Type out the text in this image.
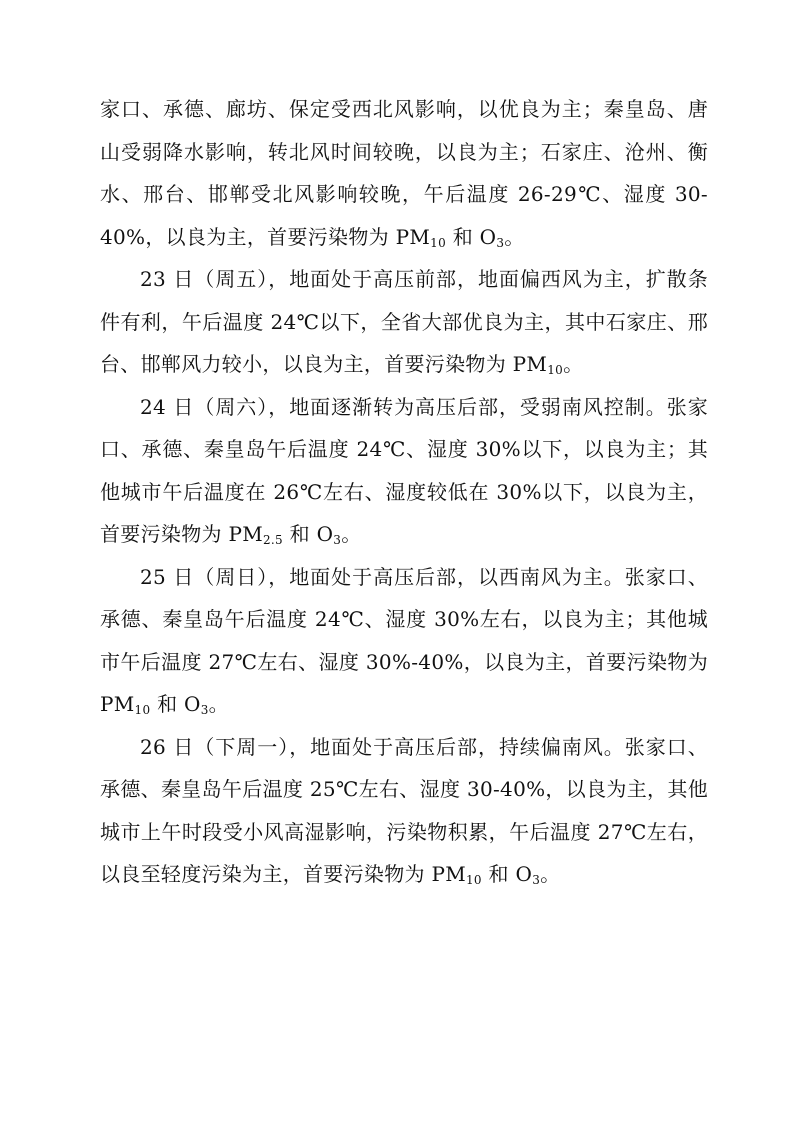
家口、承德、廊坊、保定受西北风影响，以优良为主；秦皇岛、唐山受弱降水影响，转北风时间较晚，以良为主；石家庄、沧州、衡水、邢台、邯郸受北风影响较晚，午后温度 26-29℃、湿度 30-40%，以良为主，首要污染物为 $PM_{10}$ 和 $O_3$。

23 日（周五），地面处于高压前部，地面偏西风为主，扩散条件有利，午后温度 24℃以下，全省大部优良为主，其中石家庄、邢台、邯郸风力较小，以良为主，首要污染物为 $PM_{10}$。

24 日（周六），地面逐渐转为高压后部，受弱南风控制。张家口、承德、秦皇岛午后温度 24℃、湿度 30%以下，以良为主；其他城市午后温度在 26℃左右、湿度较低在 30%以下，以良为主，首要污染物为 $PM_{2.5}$ 和 $O_3$。

25 日（周日），地面处于高压后部，以西南风为主。张家口、承德、秦皇岛午后温度 24℃、湿度 30%左右，以良为主；其他城市午后温度 27℃左右、湿度 30%-40%，以良为主，首要污染物为 $PM_{10}$ 和 $O_3$。

26 日（下周一），地面处于高压后部，持续偏南风。张家口、承德、秦皇岛午后温度 25℃左右、湿度 30-40%，以良为主，其他城市上午时段受小风高湿影响，污染物积累，午后温度 27℃左右，以良至轻度污染为主，首要污染物为 $PM_{10}$ 和 $O_3$。
